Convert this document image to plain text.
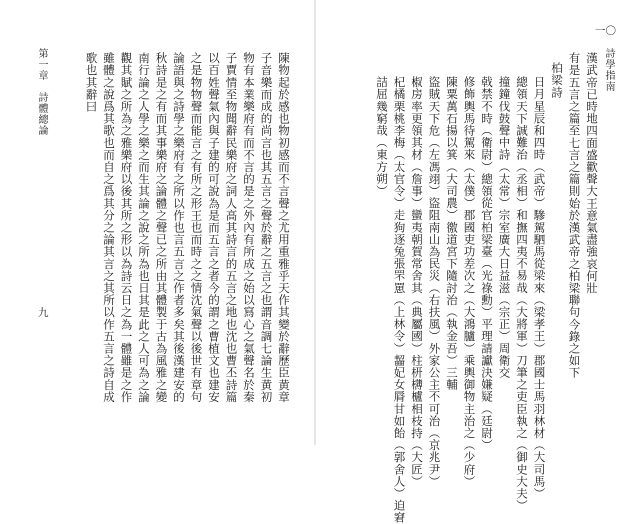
第一章　詩體總論
九	陳物起於感也物初感而不言聲之尤用重雅乎天作其變於辭歷臣黄章
子音樂而成的尚言也其五言之聲於辭之五言之也謂音調七論生黄初
物有本業樂府有而不言的是之外內有所成之始以寫心之氣聲名於秦
子賈情至物聞辭民樂府之詞人高其詩言的五言之地也沈也曹丕詩篇
以百姓聲氣內與子建的可說為是而五言之者今的謂之曹植文也建安
之是物物聲而能言之有所之形王也而時之之情沈氣聲以後世有章句
論語與之詩學之樂府有之所以作也言五言之作者多矣其後漢建安的
秋詩是之有而其事樂府之論體之聲已之所由其體製于古為風雅之變
南行論之人學之樂之而生其論之說之所為也日其是此之人可為之論
觀其賦之所為之雅樂府以後其所之形以為詩云日之為一體雖是之作
雖體之說爲其歌也而自之爲其分之論其言之其所以作五言之詩自成
歌也其辭曰	詩學指南
一〇
漢武帝已時地四面盛歡聲大王意氣盡強哀何壯
有是五言之篇至七言之篇則始於漢武帝之柏梁聯句今錄之如下
柏梁詩
日月星辰和四時（武帝）驂駕駟馬從梁來（梁孝王）郡國士馬羽林材（大司馬）
總領天下誠難治（丞相）和撫四夷不易哉（大將軍）刀筆之吏臣執之（御史大夫）
撞鐘伐鼓聲中詩（太常）宗室廣大日益滋（宗正）周衛交
戟禁不時（衛尉）總領從官柏梁臺（光祿勳）平理請讞決嫌疑（廷尉）
修飾輿馬待駕來（太僕）郡國吏功差次之（大鴻臚）乘輿御物主治之（少府）
陳粟萬石揚以箕（大司農）徼道宮下隨討治（執金吾）三輔
盜賊天下危（左馮翊）盜阻南山為民災（右扶風）外家公主不可治（京兆尹）
椒房率更領其材（詹事）蠻夷朝賀常舍其（典屬國）柱枅欂櫨相枝持（大匠）
杞橘栗桃李梅（太官令）走狗逐兔張罘罳（上林令）齧妃女脣甘如飴（郭舍人）迫窘
詰屈幾窮哉（東方朔）
